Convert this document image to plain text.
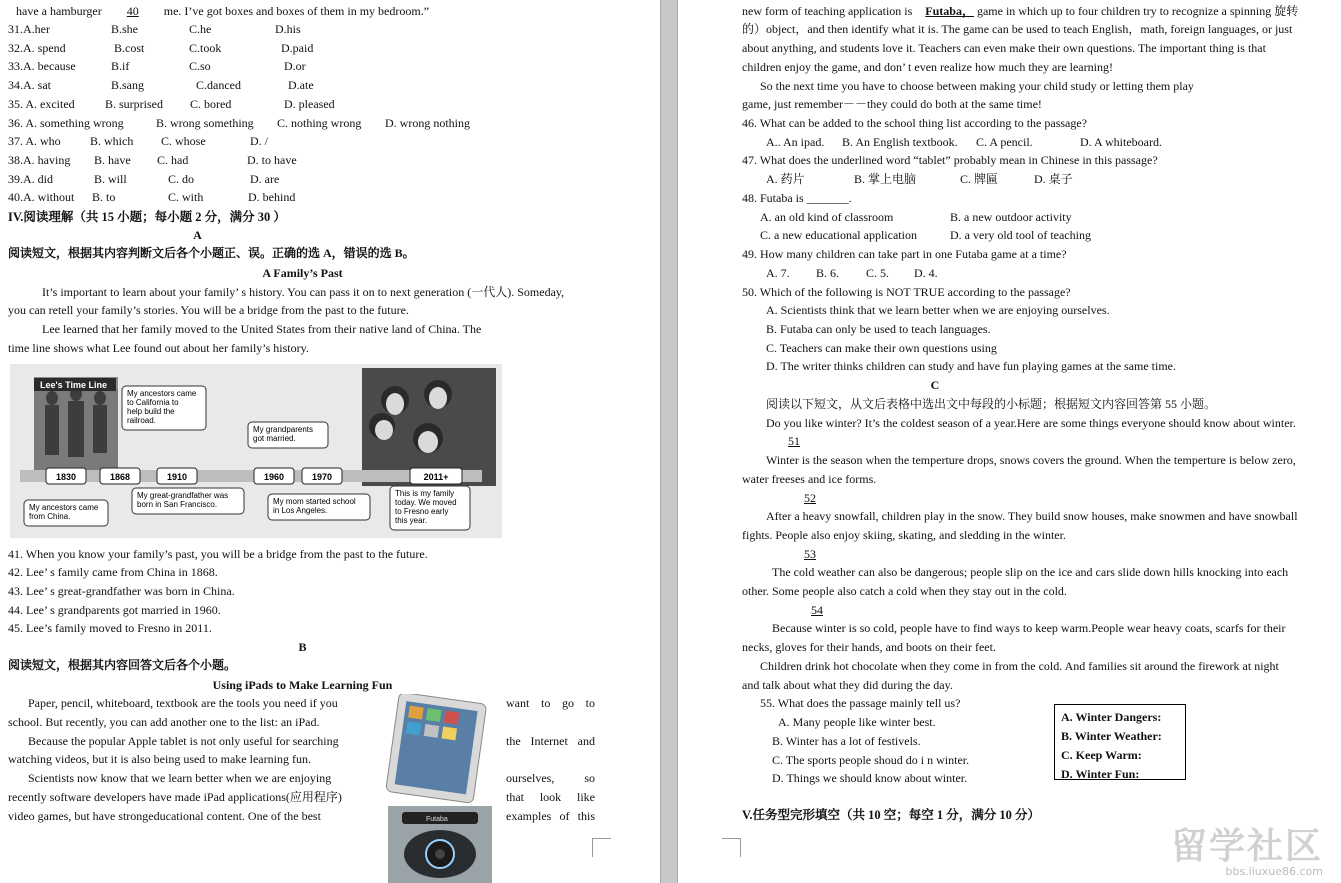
have a hamburger 40 me. I’ve got boxes and boxes of them in my bedroom.”
31.A.her	B.she	C.he	D.his
32.A. spend	B.cost	C.took	D.paid
33.A. because	B.if	C.so	D.or
34.A. sat	B.sang	C.danced	D.ate
35. A. excited	B. surprised C. bored	D. pleased
36. A. something wrong	B. wrong something C. nothing wrong D. wrong nothing
37. A. who B. which C. whose	D. /
38.A. having B. have C. had	D. to have
39.A. did	B. will	C. do	D. are
40.A. without B. to	C. with	D. behind
IV.阅读理解（共 15 小题；每小题 2 分，满分 30 ）
A
阅读短文，根据其内容判断文后各个小题正、误。正确的选 A，错误的选 B。
A Family’s Past
It’s important to learn about your family’ s history. You can pass it on to next generation (一代人). Someday,
you can retell your family’s stories. You will be a bridge from the past to the future.
Lee learned that her family moved to the United States from their native land of China. The
time line shows what Lee found out about her family’s history.
Lee's Time Line
1830	1868	1910	1960	1970	2011+
My ancestors came
to California to
help build the
railroad.
My grandparents
got married.
My ancestors came
from China.
My great-grandfather was
born in San Francisco.	My mom started school
in Los Angeles.
This is my family
today. We moved
to Fresno early
this year.
41. When you know your family’s past, you will be a bridge from the past to the future.
42. Lee’ s family came from China in 1868.
43. Lee’ s great-grandfather was born in China.
44. Lee’ s grandparents got married in 1960.
45. Lee’s family moved to Fresno in 2011.
B
阅读短文，根据其内容回答文后各个小题。
Using iPads to Make Learning Fun
Paper, pencil, whiteboard, textbook are the tools you need if you	want to go to
school. But recently, you can add another one to the list: an iPad.
Because the popular Apple tablet is not only useful for searching	the Internet and
watching videos, but it is also being used to make learning fun.
Scientists now know that we learn better when we are enjoying	ourselves, so
recently software developers have made iPad applications(应用程序)	that look like
video games, but have strongeducational content. One of the best	examples of this
Futaba
new form of teaching application is Futaba， game in which up to four children try to recognize a spinning 旋转
的）object，and then identify what it is. The game can be used to teach English，math, foreign languages, or just
about anything, and students love it. Teachers can even make their own questions. The important thing is that
children enjoy the game, and don’ t even realize how much they are learning!
So the next time you have to choose between making your child study or letting them play
game, just remember－－they could do both at the same time!
46. What can be added to the school thing list according to the passage?
A.. An ipad. B. An English textbook. C. A pencil.	D. A whiteboard.
47. What does the underlined word “tablet” probably mean in Chinese in this passage?
A. 药片	B. 掌上电脑	C. 牌匾	D. 桌子
48. Futaba is _______.
A. an old kind of classroom	B. a new outdoor activity
C. a new educational application	D. a very old tool of teaching
49. How many children can take part in one Futaba game at a time?
A. 7. B. 6. C. 5. D. 4.
50. Which of the following is NOT TRUE according to the passage?
A. Scientists think that we learn better when we are enjoying ourselves.
B. Futaba can only be used to teach languages.
C. Teachers can make their own questions using
D. The writer thinks children can study and have fun playing games at the same time.
C
阅读以下短文，从文后表格中选出文中每段的小标题；根据短文内容回答第 55 小题。
Do you like winter? It’s the coldest season of a year.Here are some things everyone should know about winter.
51
Winter is the season when the temperture drops, snows covers the ground. When the temperture is below zero,
water freeses and ice forms.
52
After a heavy snowfall, children play in the snow. They build snow houses, make snowmen and have snowball
fights. People also enjoy skiing, skating, and sledding in the winter.
53
The cold weather can also be dangerous; people slip on the ice and cars slide down hills knocking into each
other. Some people also catch a cold when they stay out in the cold.
54
Because winter is so cold, people have to find ways to keep warm.People wear heavy coats, scarfs for their
necks, gloves for their hands, and boots on their feet.
Children drink hot chocolate when they come in from the cold. And families sit around the firework at night
and talk about what they did during the day.
55. What does the passage mainly tell us?
A. Many people like winter best.
B. Winter has a lot of festivels.
C. The sports people shoud do i n winter.
D. Things we should know about winter.
A. Winter Dangers:
B. Winter Weather:
C. Keep Warm:
D. Winter Fun:
V.任务型完形填空（共 10 空；每空 1 分，满分 10 分）
留学社区
bbs.liuxue86.com
